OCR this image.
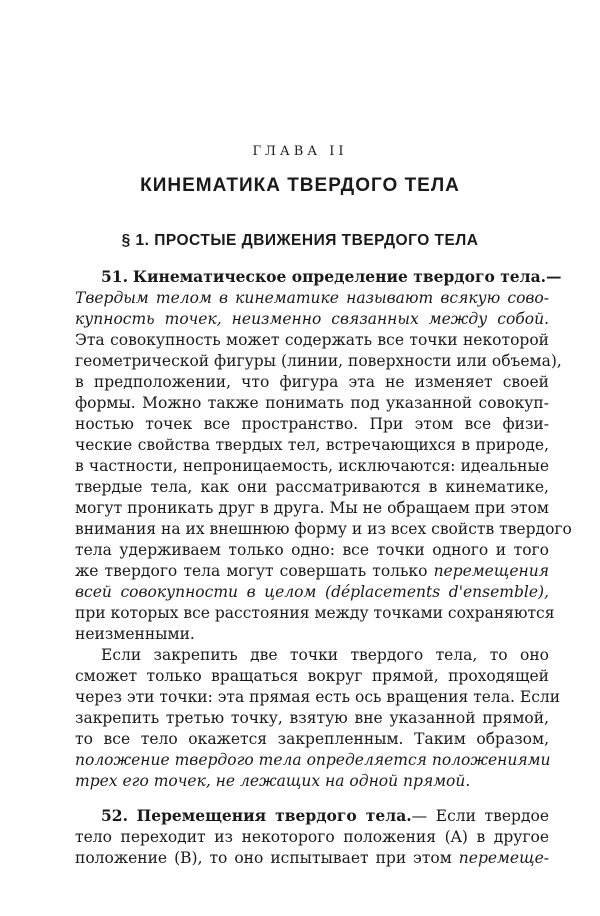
ГЛАВА II
КИНЕМАТИКА ТВЕРДОГО ТЕЛА
§ 1. ПРОСТЫЕ ДВИЖЕНИЯ ТВЕРДОГО ТЕЛА
51. Кинематическое определение твердого тела.—
Твердым телом в кинематике называют всякую сово-
купность точек, неизменно связанных между собой.
Эта совокупность может содержать все точки некоторой
геометрической фигуры (линии, поверхности или объема),
в предположении, что фигура эта не изменяет своей
формы. Можно также понимать под указанной совокуп-
ностью точек все пространство. При этом все физи-
ческие свойства твердых тел, встречающихся в природе,
в частности, непроницаемость, исключаются: идеальные
твердые тела, как они рассматриваются в кинематике,
могут проникать друг в друга. Мы не обращаем при этом
внимания на их внешнюю форму и из всех свойств твердого
тела удерживаем только одно: все точки одного и того
же твердого тела могут совершать только перемещения
всей совокупности в целом (déplacements d'ensemble),
при которых все расстояния между точками сохраняются
неизменными.
Если закрепить две точки твердого тела, то оно
сможет только вращаться вокруг прямой, проходящей
через эти точки: эта прямая есть ось вращения тела. Если
закрепить третью точку, взятую вне указанной прямой,
то все тело окажется закрепленным. Таким образом,
положение твердого тела определяется положениями
трех его точек, не лежащих на одной прямой.
52. Перемещения твердого тела.— Если твердое
тело переходит из некоторого положения (A) в другое
положение (B), то оно испытывает при этом перемеще-
